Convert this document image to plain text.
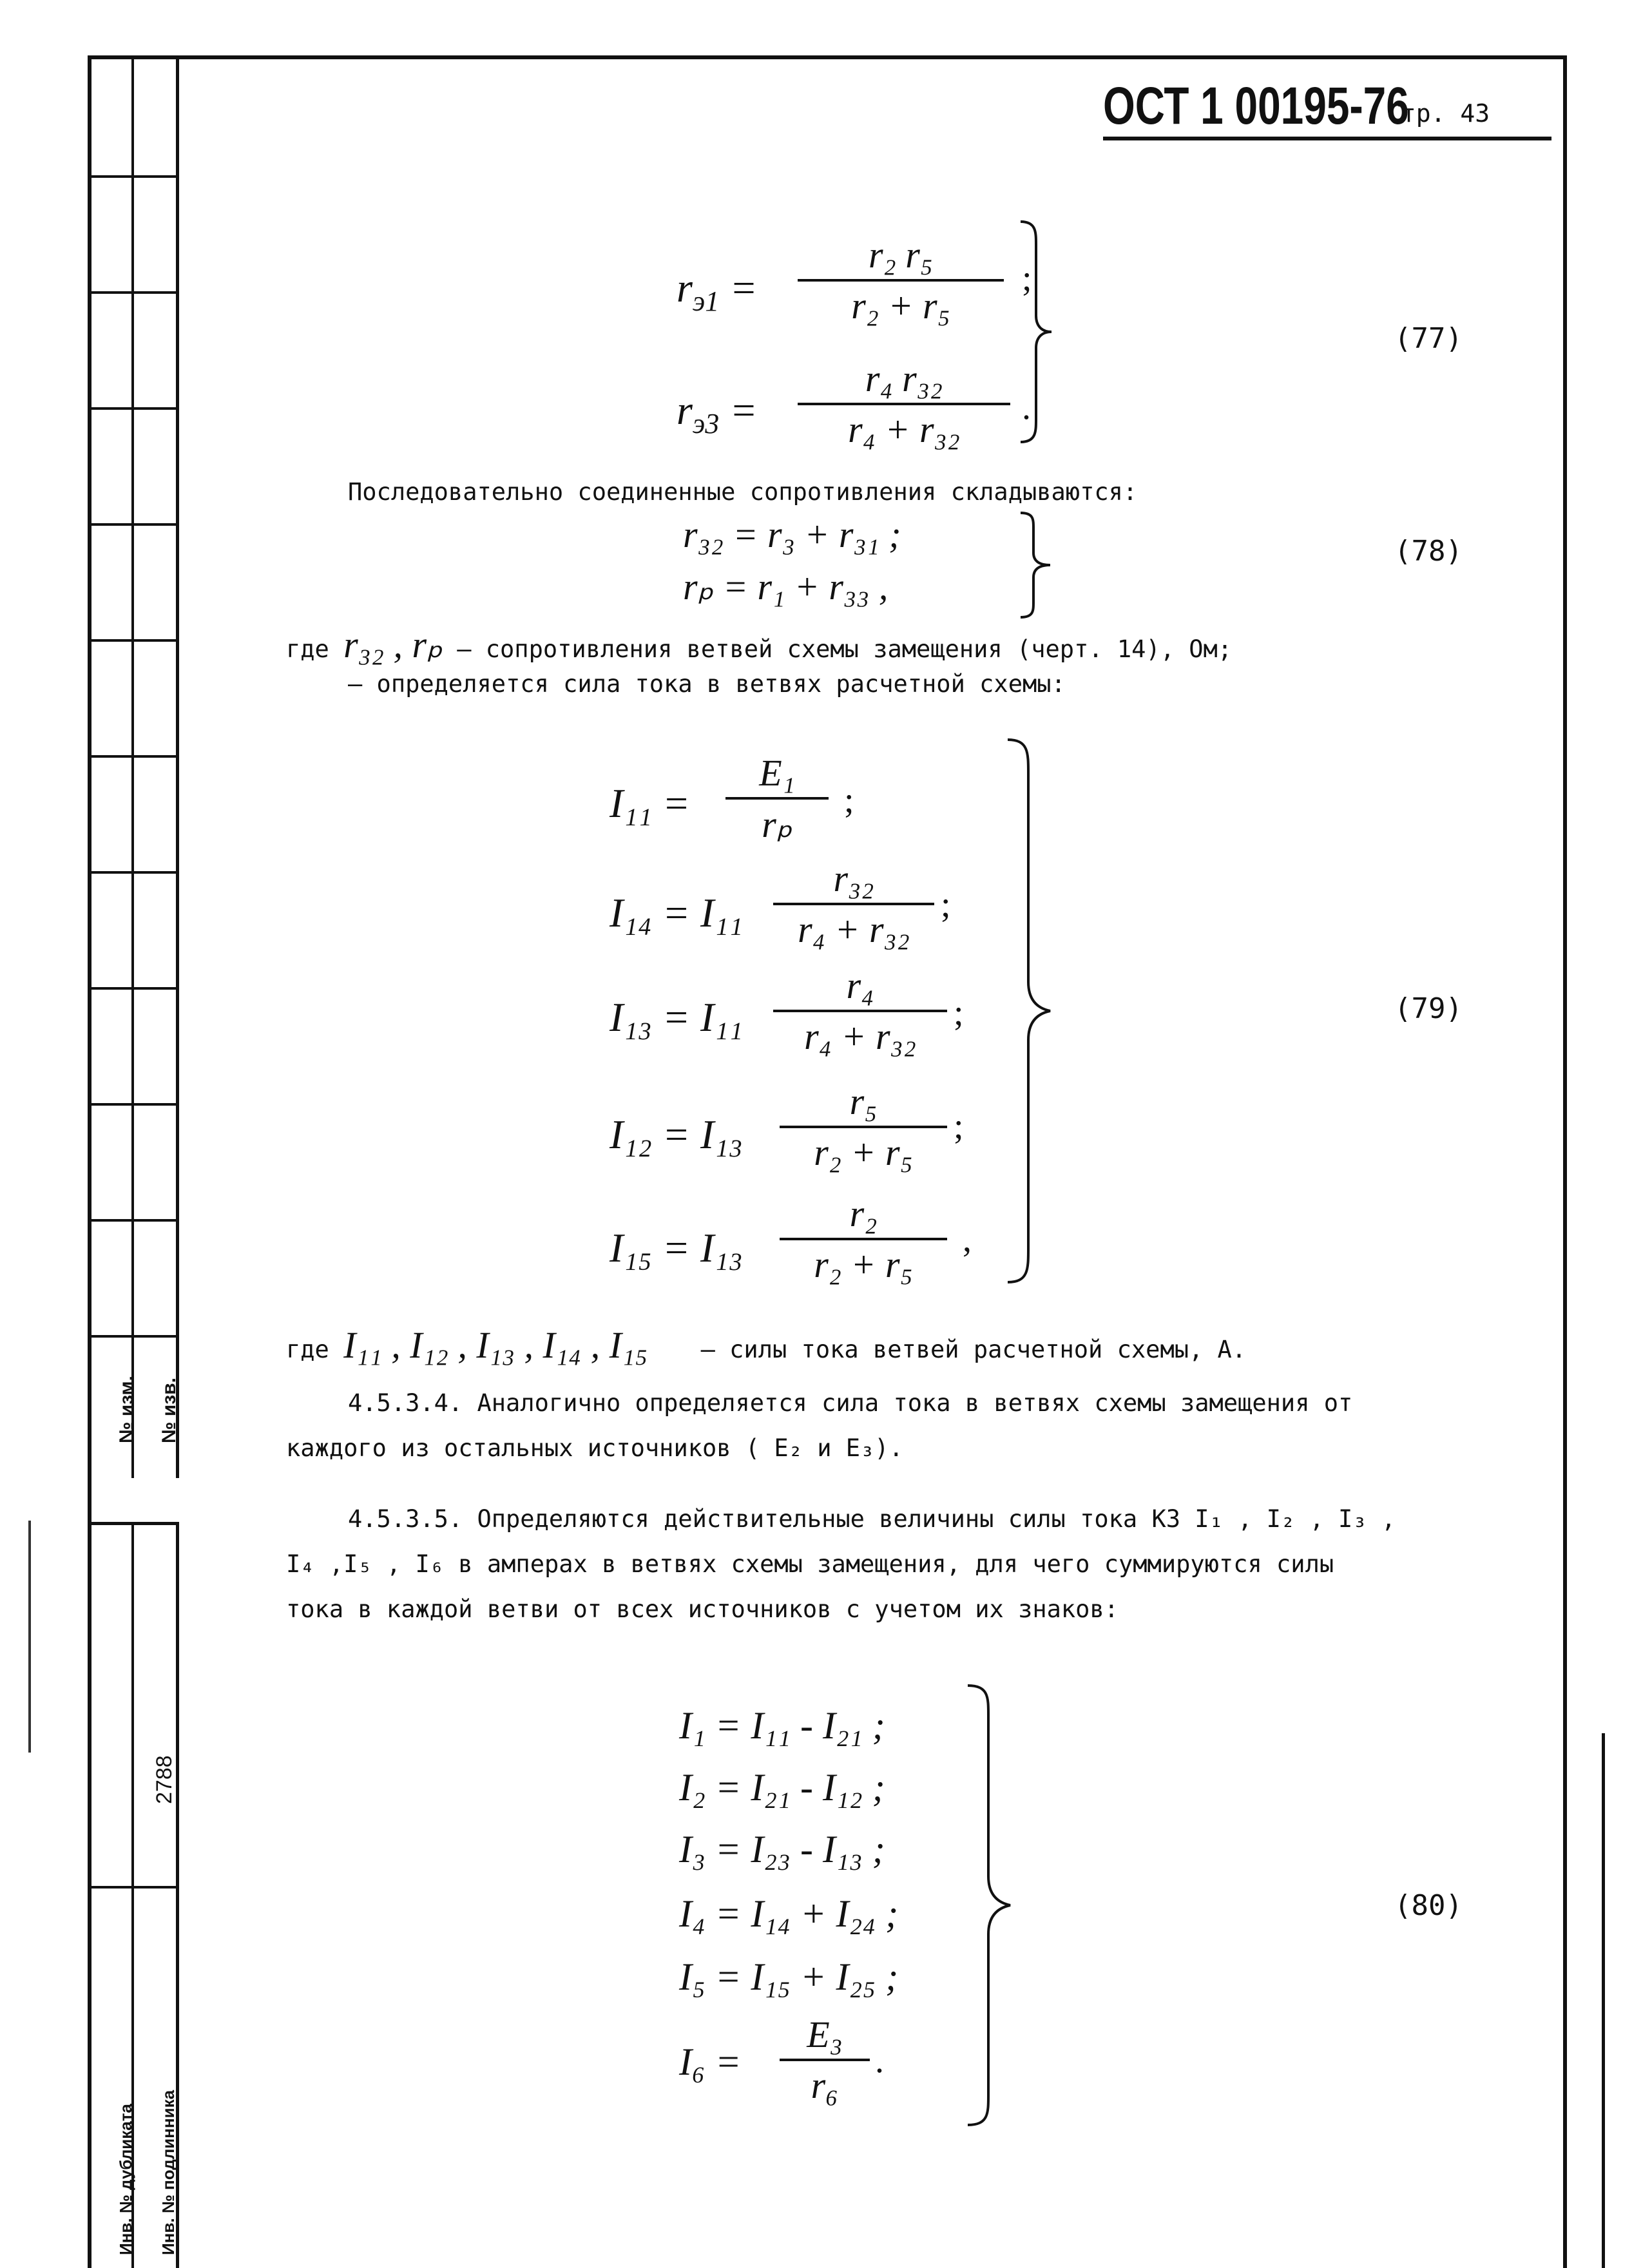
№ изм. № изв.
2788
Инв. № дубликата Инв. № подлинника
ОСТ 1 00195-76
Стр. 43
$r_{э1} = \frac{\text{r₂ r₅}}{\text{r₂ + r₅}}$ ;
$r_{э3} = \frac{\text{r₄ r₃₂}}{\text{r₄ + r₃₂}}$ .
(77)
Последовательно соединенные сопротивления складываются:
r₃₂ = r₃ + r₃₁ ;
rₚ = r₁ + r₃₃ ,
(78)
где r₃₂ , rₚ – сопротивления ветвей схемы замещения (черт. 14), Ом;
– определяется сила тока в ветвях расчетной схемы:
$I_{11} = \frac{\text{E₁}}{\text{rₚ}}$ ;
$I_{14} = I_{11} \frac{\text{r₃₂}}{\text{r₄ + r₃₂}}$ ;
$I_{13} = I_{11} \frac{\text{r₄}}{\text{r₄ + r₃₂}}$ ;
$I_{12} = I_{13} \frac{\text{r₅}}{\text{r₂ + r₅}}$ ;
$I_{15} = I_{13} \frac{\text{r₂}}{\text{r₂ + r₅}}$ ,
(79)
где I₁₁ , I₁₂ , I₁₃ , I₁₄ , I₁₅ – силы тока ветвей расчетной схемы, А.
4.5.3.4. Аналогично определяется сила тока в ветвях схемы замещения от
каждого из остальных источников ( E₂ и E₃).
4.5.3.5. Определяются действительные величины силы тока КЗ I₁ , I₂ , I₃ ,
I₄ ,I₅ , I₆ в амперах в ветвях схемы замещения, для чего суммируются силы
тока в каждой ветви от всех источников с учетом их знаков:
I₁ = I₁₁ - I₂₁ ;
I₂ = I₂₁ - I₁₂ ;
I₃ = I₂₃ - I₁₃ ;
I₄ = I₁₄ + I₂₄ ;
I₅ = I₁₅ + I₂₅ ;
$I_6 = \frac{\text{E₃}}{\text{r₆}}$ .
(80)
